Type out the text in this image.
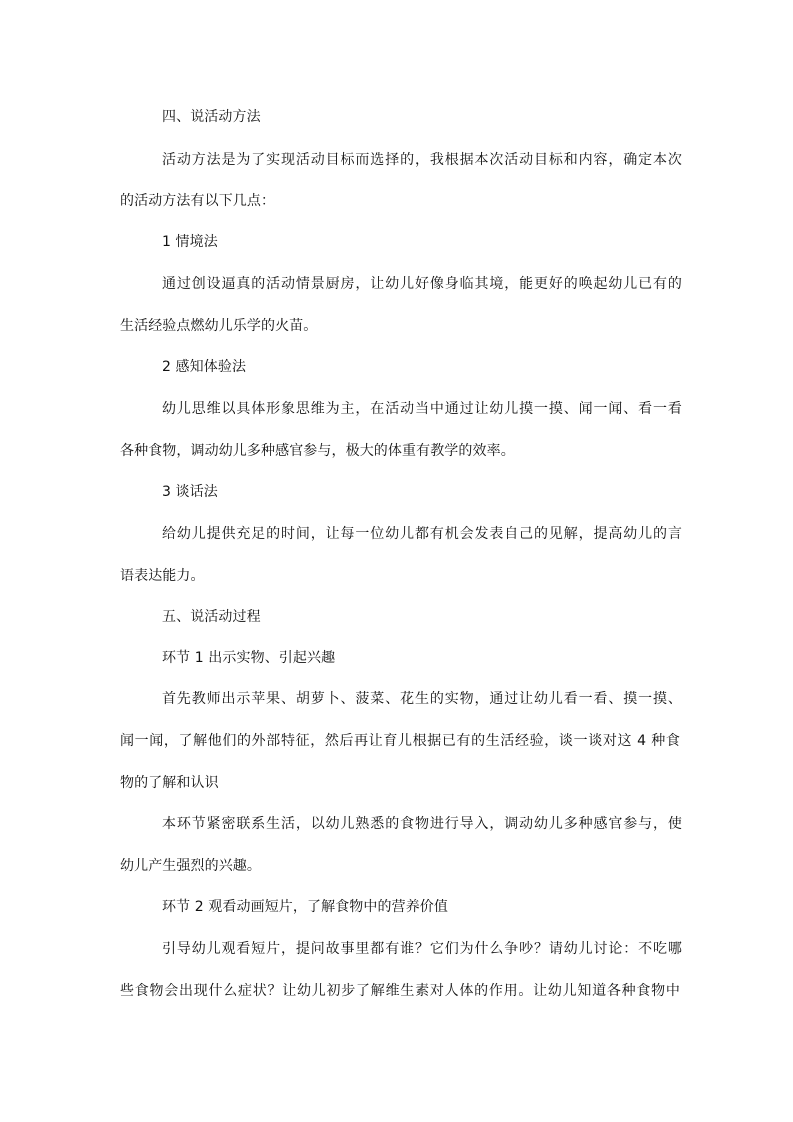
四、说活动方法
活动方法是为了实现活动目标而选择的，我根据本次活动目标和内容，确定本次
的活动方法有以下几点：
1 情境法
通过创设逼真的活动情景厨房，让幼儿好像身临其境，能更好的唤起幼儿已有的
生活经验点燃幼儿乐学的火苗。
2 感知体验法
幼儿思维以具体形象思维为主，在活动当中通过让幼儿摸一摸、闻一闻、看一看
各种食物，调动幼儿多种感官参与，极大的体重有教学的效率。
3 谈话法
给幼儿提供充足的时间，让每一位幼儿都有机会发表自己的见解，提高幼儿的言
语表达能力。
五、说活动过程
环节 1 出示实物、引起兴趣
首先教师出示苹果、胡萝卜、菠菜、花生的实物，通过让幼儿看一看、摸一摸、
闻一闻，了解他们的外部特征，然后再让育儿根据已有的生活经验，谈一谈对这 4 种食
物的了解和认识
本环节紧密联系生活，以幼儿熟悉的食物进行导入，调动幼儿多种感官参与，使
幼儿产生强烈的兴趣。
环节 2 观看动画短片，了解食物中的营养价值
引导幼儿观看短片，提问故事里都有谁？它们为什么争吵？请幼儿讨论：不吃哪
些食物会出现什么症状？让幼儿初步了解维生素对人体的作用。让幼儿知道各种食物中
